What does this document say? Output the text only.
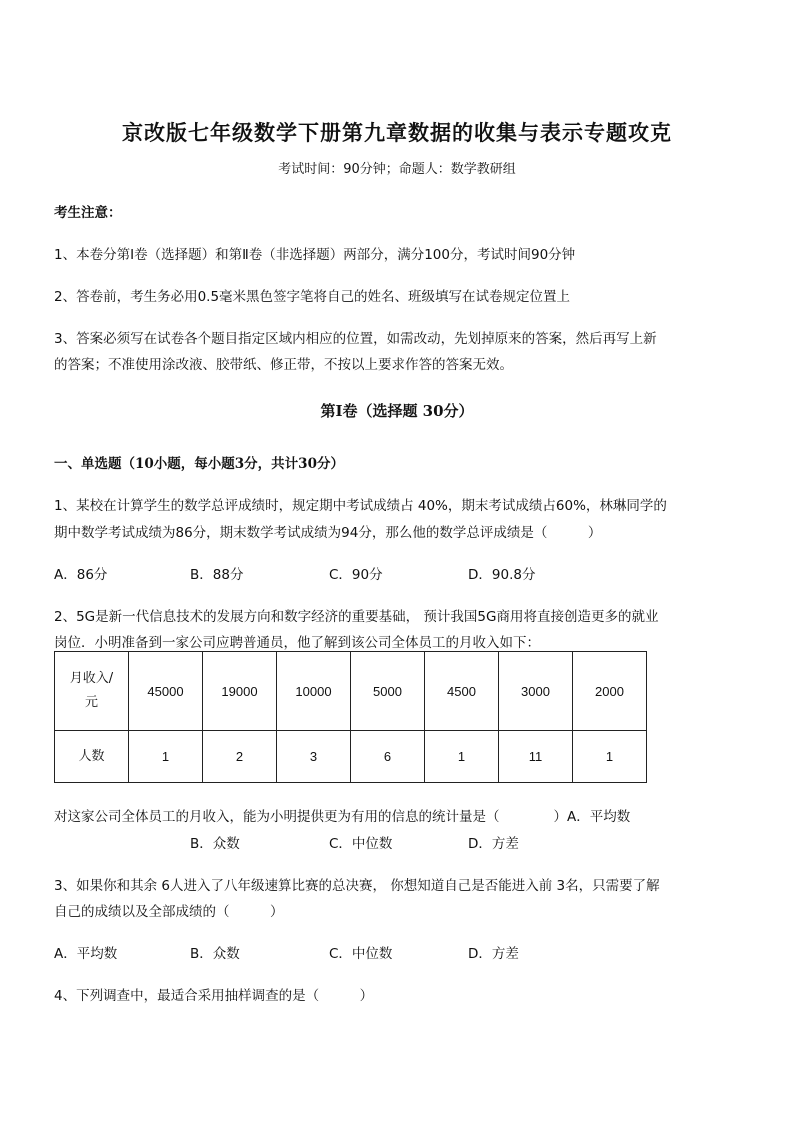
京改版七年级数学下册第九章数据的收集与表示专题攻克
考试时间：90分钟；命题人：数学教研组
考生注意：
1、本卷分第Ⅰ卷（选择题）和第Ⅱ卷（非选择题）两部分，满分100分，考试时间90分钟
2、答卷前，考生务必用0.5毫米黑色签字笔将自己的姓名、班级填写在试卷规定位置上
3、答案必须写在试卷各个题目指定区域内相应的位置，如需改动，先划掉原来的答案，然后再写上新
的答案；不准使用涂改液、胶带纸、修正带，不按以上要求作答的答案无效。
第Ⅰ卷（选择题 30分）
一、单选题（10小题，每小题3分，共计30分）
1、某校在计算学生的数学总评成绩时，规定期中考试成绩占 40%，期末考试成绩占60%，林琳同学的
期中数学考试成绩为86分，期末数学考试成绩为94分，那么他的数学总评成绩是（　　　）
A．86分	B．88分	C．90分	D．90.8分
2、5G是新一代信息技术的发展方向和数字经济的重要基础， 预计我国5G商用将直接创造更多的就业
岗位．小明准备到一家公司应聘普通员，他了解到该公司全体员工的月收入如下：
月收入/
元	45000	19000	10000	5000	4500	3000	2000
人数	1	2	3	6	1	11	1
对这家公司全体员工的月收入，能为小明提供更为有用的信息的统计量是（　　　　）A．平均数
B．众数	C．中位数	D．方差
3、如果你和其余 6人进入了八年级速算比赛的总决赛， 你想知道自己是否能进入前 3名，只需要了解
自己的成绩以及全部成绩的（　　　）
A．平均数	B．众数	C．中位数	D．方差
4、下列调查中，最适合采用抽样调查的是（　　　）
